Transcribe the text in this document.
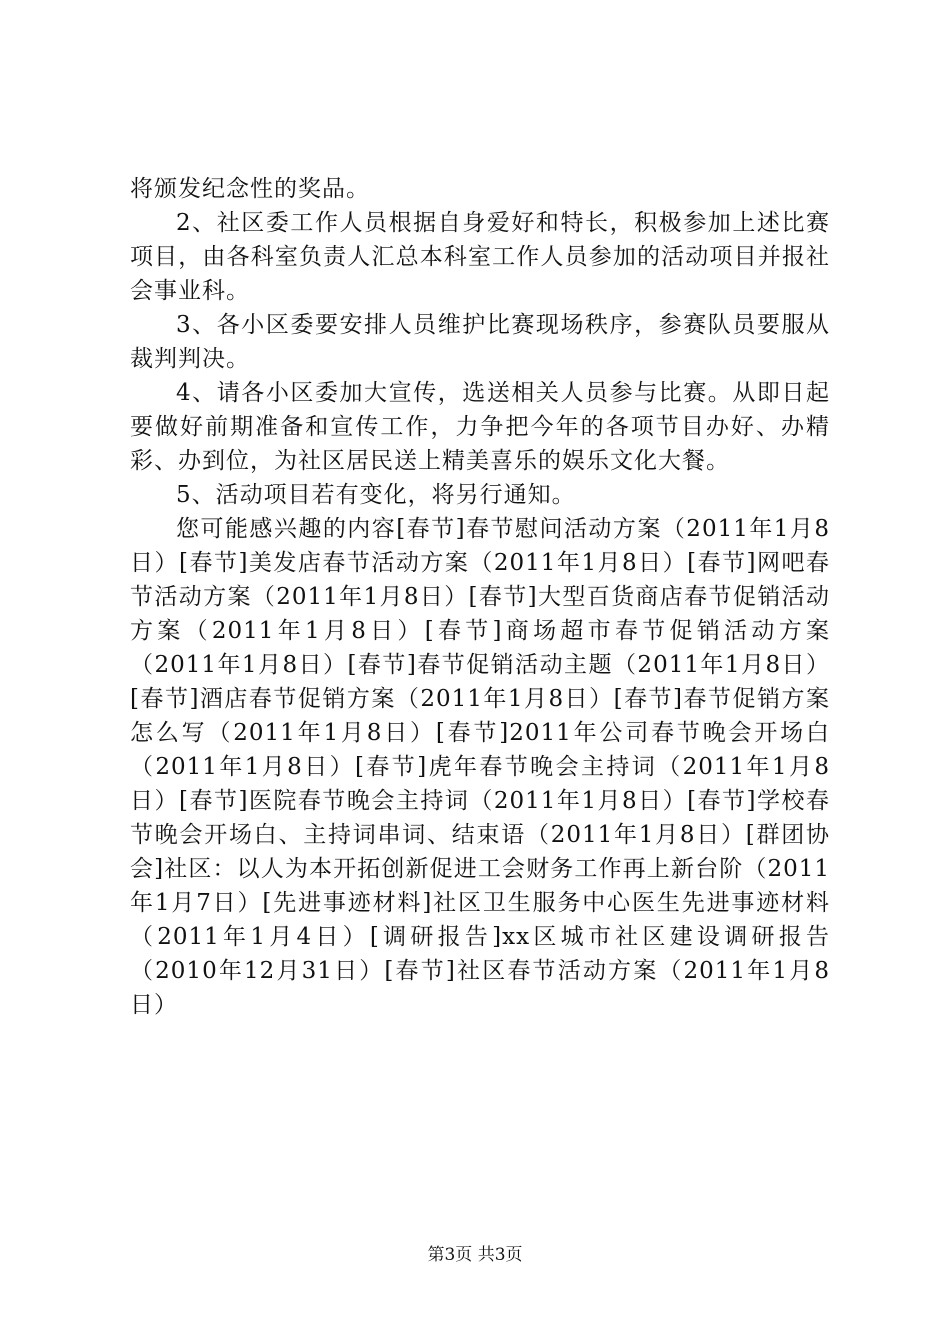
将颁发纪念性的奖品。

2、社区委工作人员根据自身爱好和特长，积极参加上述比赛项目，由各科室负责人汇总本科室工作人员参加的活动项目并报社会事业科。

3、各小区委要安排人员维护比赛现场秩序，参赛队员要服从裁判判决。

4、请各小区委加大宣传，选送相关人员参与比赛。从即日起要做好前期准备和宣传工作，力争把今年的各项节目办好、办精彩、办到位，为社区居民送上精美喜乐的娱乐文化大餐。

5、活动项目若有变化，将另行通知。

您可能感兴趣的内容[春节]春节慰问活动方案（2011年1月8日）[春节]美发店春节活动方案（2011年1月8日）[春节]网吧春节活动方案（2011年1月8日）[春节]大型百货商店春节促销活动方案（2011年1月8日）[春节]商场超市春节促销活动方案（2011年1月8日）[春节]春节促销活动主题（2011年1月8日）[春节]酒店春节促销方案（2011年1月8日）[春节]春节促销方案怎么写（2011年1月8日）[春节]2011年公司春节晚会开场白（2011年1月8日）[春节]虎年春节晚会主持词（2011年1月8日）[春节]医院春节晚会主持词（2011年1月8日）[春节]学校春节晚会开场白、主持词串词、结束语（2011年1月8日）[群团协会]社区：以人为本开拓创新促进工会财务工作再上新台阶（2011年1月7日）[先进事迹材料]社区卫生服务中心医生先进事迹材料（2011年1月4日）[调研报告]xx区城市社区建设调研报告（2010年12月31日）[春节]社区春节活动方案（2011年1月8日）

第3页 共3页
